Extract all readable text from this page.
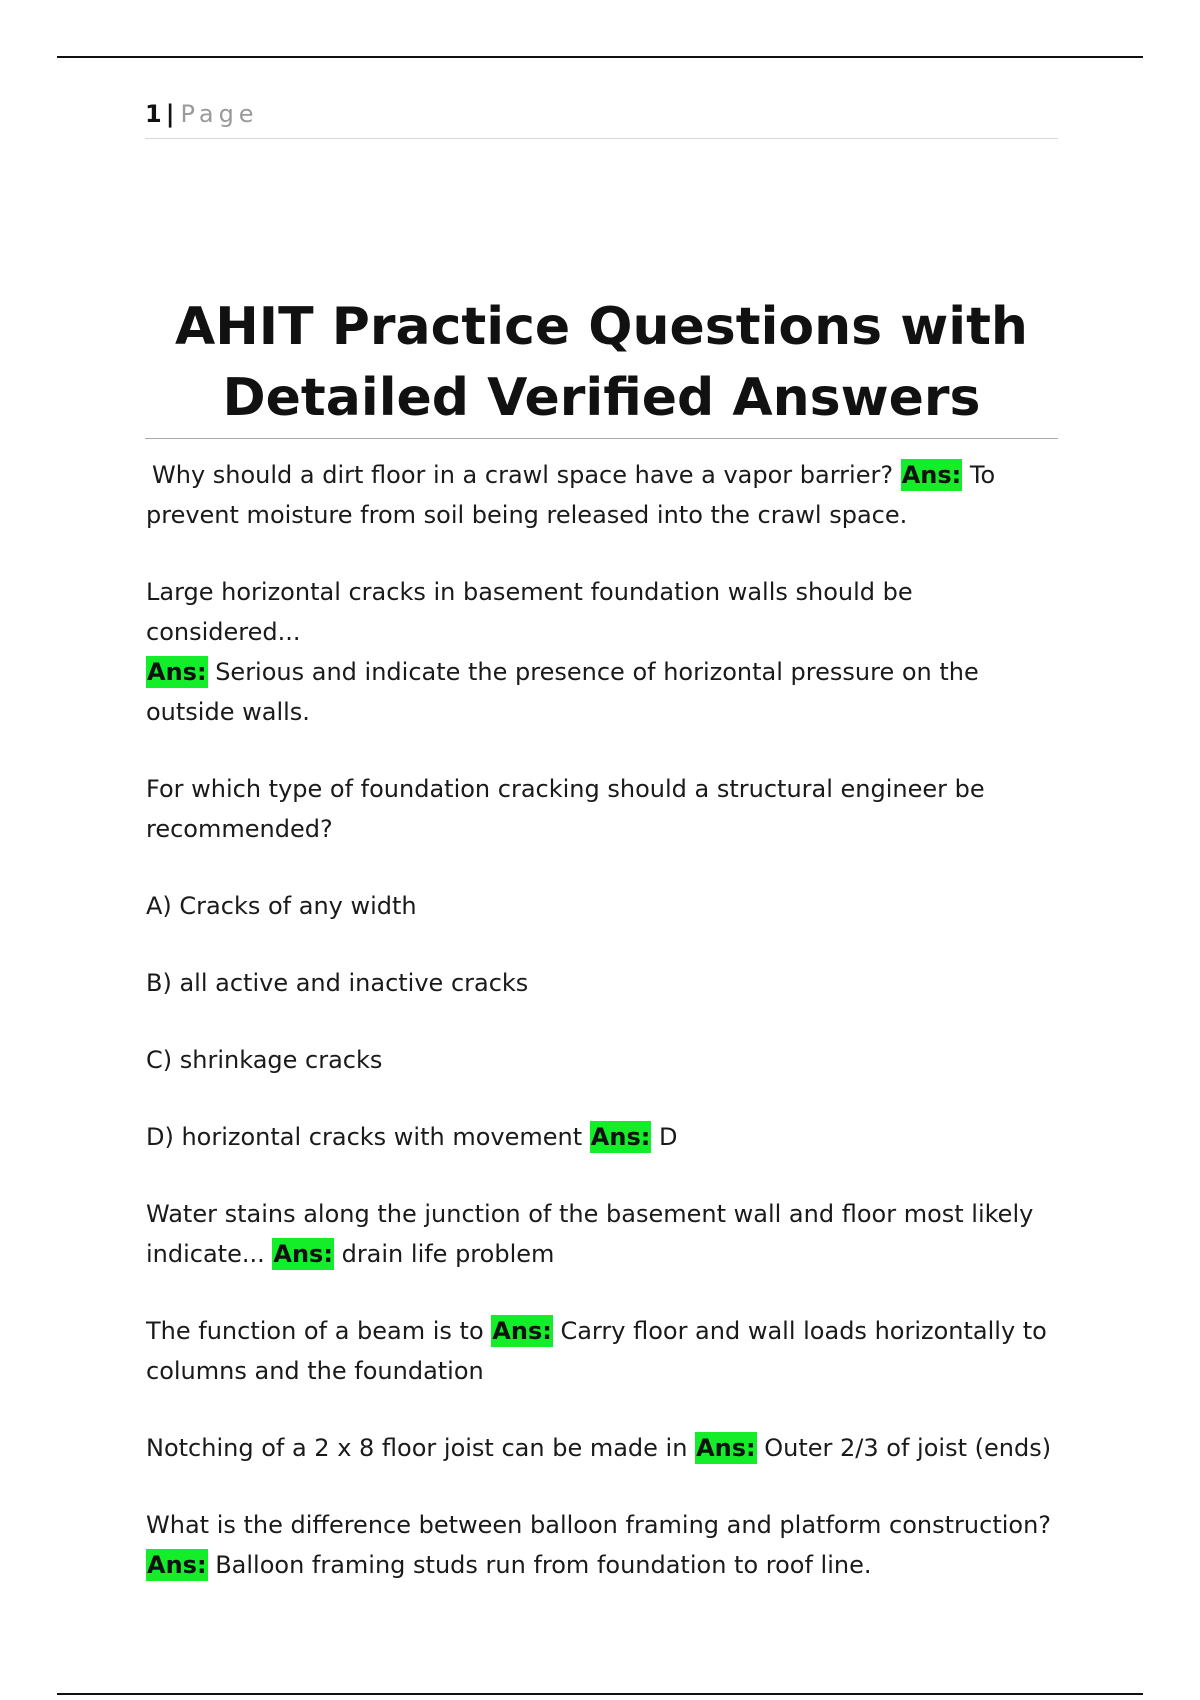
1 | Page
AHIT Practice Questions with
Detailed Verified Answers

Why should a dirt floor in a crawl space have a vapor barrier? Ans: To prevent moisture from soil being released into the crawl space.

Large horizontal cracks in basement foundation walls should be considered...
Ans: Serious and indicate the presence of horizontal pressure on the outside walls.

For which type of foundation cracking should a structural engineer be recommended?

A) Cracks of any width

B) all active and inactive cracks

C) shrinkage cracks

D) horizontal cracks with movement Ans: D

Water stains along the junction of the basement wall and floor most likely indicate... Ans: drain life problem

The function of a beam is to Ans: Carry floor and wall loads horizontally to columns and the foundation

Notching of a 2 x 8 floor joist can be made in Ans: Outer 2/3 of joist (ends)

What is the difference between balloon framing and platform construction?
Ans: Balloon framing studs run from foundation to roof line.
